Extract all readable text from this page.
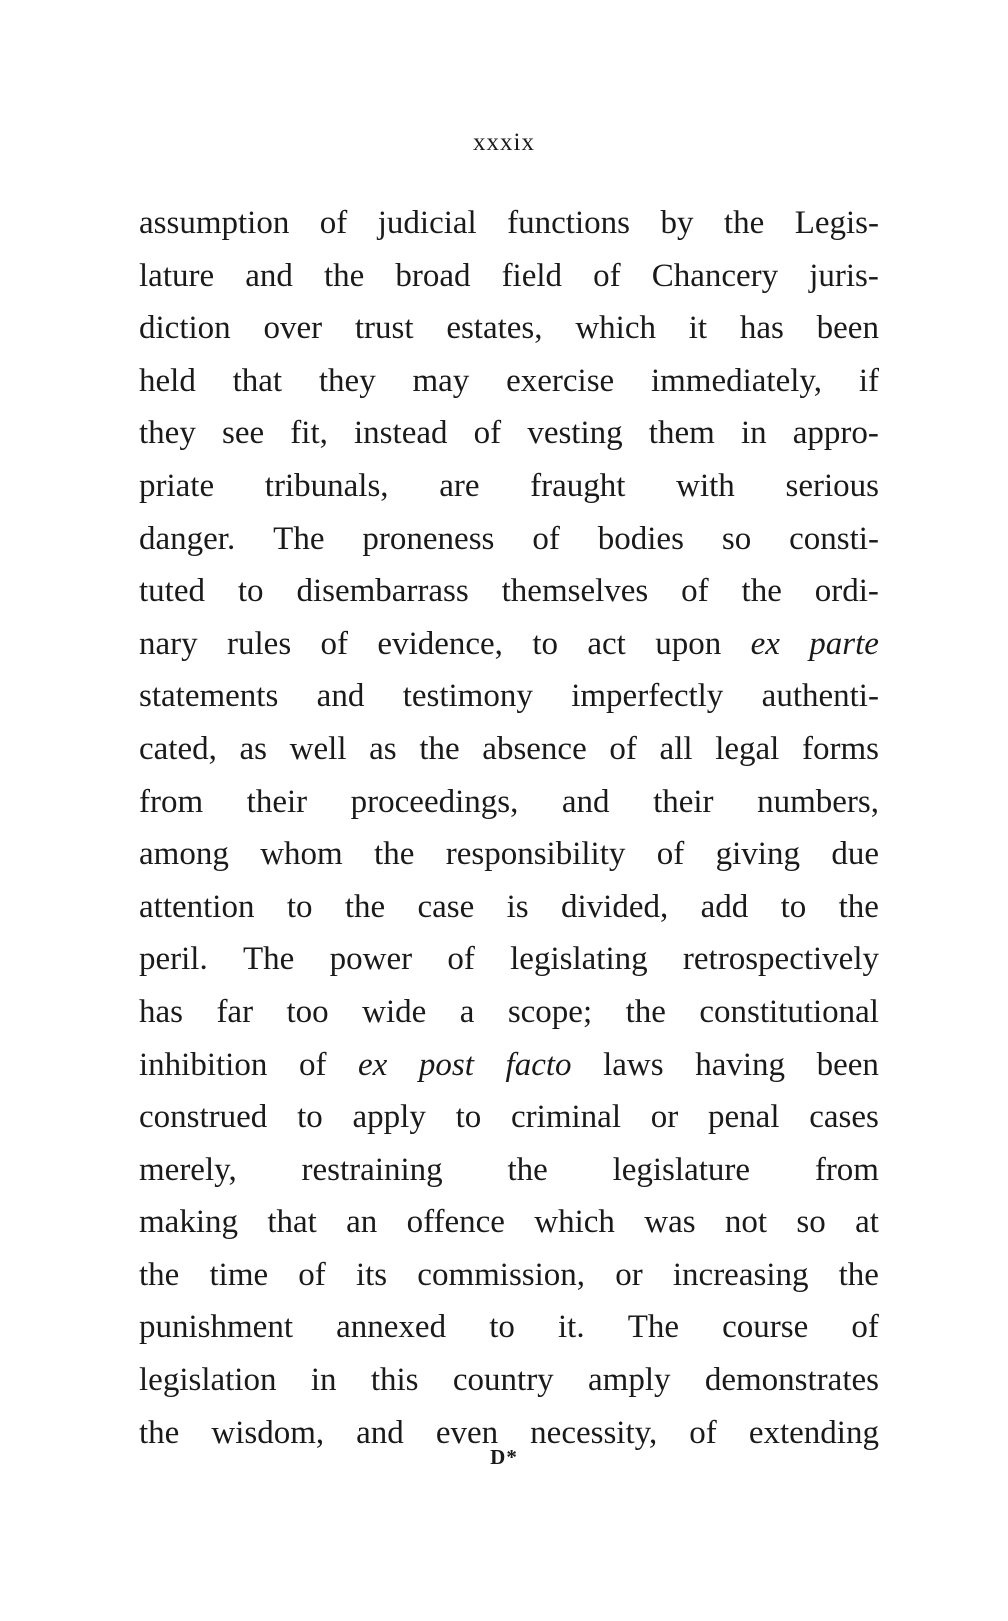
xxxix
assumption of judicial functions by the Legis-
lature and the broad field of Chancery juris-
diction over trust estates, which it has been
held that they may exercise immediately, if
they see fit, instead of vesting them in appro-
priate tribunals, are fraught with serious
danger. The proneness of bodies so consti-
tuted to disembarrass themselves of the ordi-
nary rules of evidence, to act upon ex parte
statements and testimony imperfectly authenti-
cated, as well as the absence of all legal forms
from their proceedings, and their numbers,
among whom the responsibility of giving due
attention to the case is divided, add to the
peril. The power of legislating retrospectively
has far too wide a scope; the constitutional
inhibition of ex post facto laws having been
construed to apply to criminal or penal cases
merely, restraining the legislature from
making that an offence which was not so at
the time of its commission, or increasing the
punishment annexed to it. The course of
legislation in this country amply demonstrates
the wisdom, and even necessity, of extending
D*
